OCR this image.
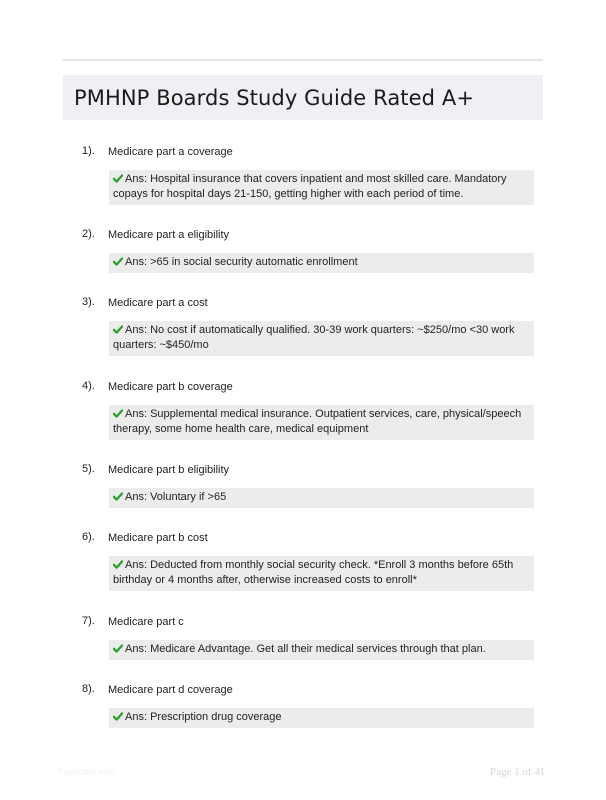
PMHNP Boards Study Guide Rated A+
1). Medicare part a coverage
Ans: Hospital insurance that covers inpatient and most skilled care. Mandatory copays for hospital days 21-150, getting higher with each period of time.
2). Medicare part a eligibility
Ans: >65 in social security automatic enrollment
3). Medicare part a cost
Ans: No cost if automatically qualified. 30-39 work quarters: ~$250/mo <30 work quarters: ~$450/mo
4). Medicare part b coverage
Ans: Supplemental medical insurance. Outpatient services, care, physical/speech therapy, some home health care, medical equipment
5). Medicare part b eligibility
Ans: Voluntary if >65
6). Medicare part b cost
Ans: Deducted from monthly social security check. *Enroll 3 months before 65th birthday or 4 months after, otherwise increased costs to enroll*
7). Medicare part c
Ans: Medicare Advantage. Get all their medical services through that plan.
8). Medicare part d coverage
Ans: Prescription drug coverage
Papertitle.com	Page 1 of 41
